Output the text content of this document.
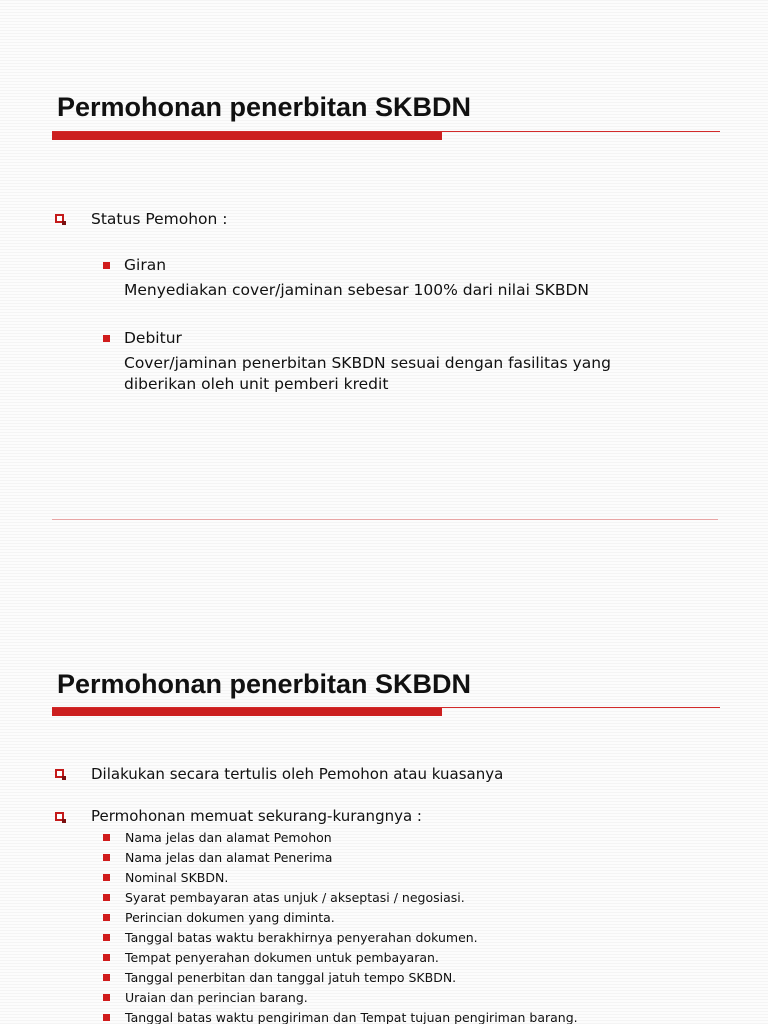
Permohonan penerbitan SKBDN
Status Pemohon :
Giran
Menyediakan cover/jaminan sebesar 100% dari nilai SKBDN
Debitur
Cover/jaminan penerbitan SKBDN sesuai dengan fasilitas yang
diberikan oleh unit pemberi kredit
Permohonan penerbitan SKBDN
Dilakukan secara tertulis oleh Pemohon atau kuasanya
Permohonan memuat sekurang-kurangnya :
Nama jelas dan alamat Pemohon
Nama jelas dan alamat Penerima
Nominal SKBDN.
Syarat pembayaran atas unjuk / akseptasi / negosiasi.
Perincian dokumen yang diminta.
Tanggal batas waktu berakhirnya penyerahan dokumen.
Tempat penyerahan dokumen untuk pembayaran.
Tanggal penerbitan dan tanggal jatuh tempo SKBDN.
Uraian dan perincian barang.
Tanggal batas waktu pengiriman dan Tempat tujuan pengiriman barang.
